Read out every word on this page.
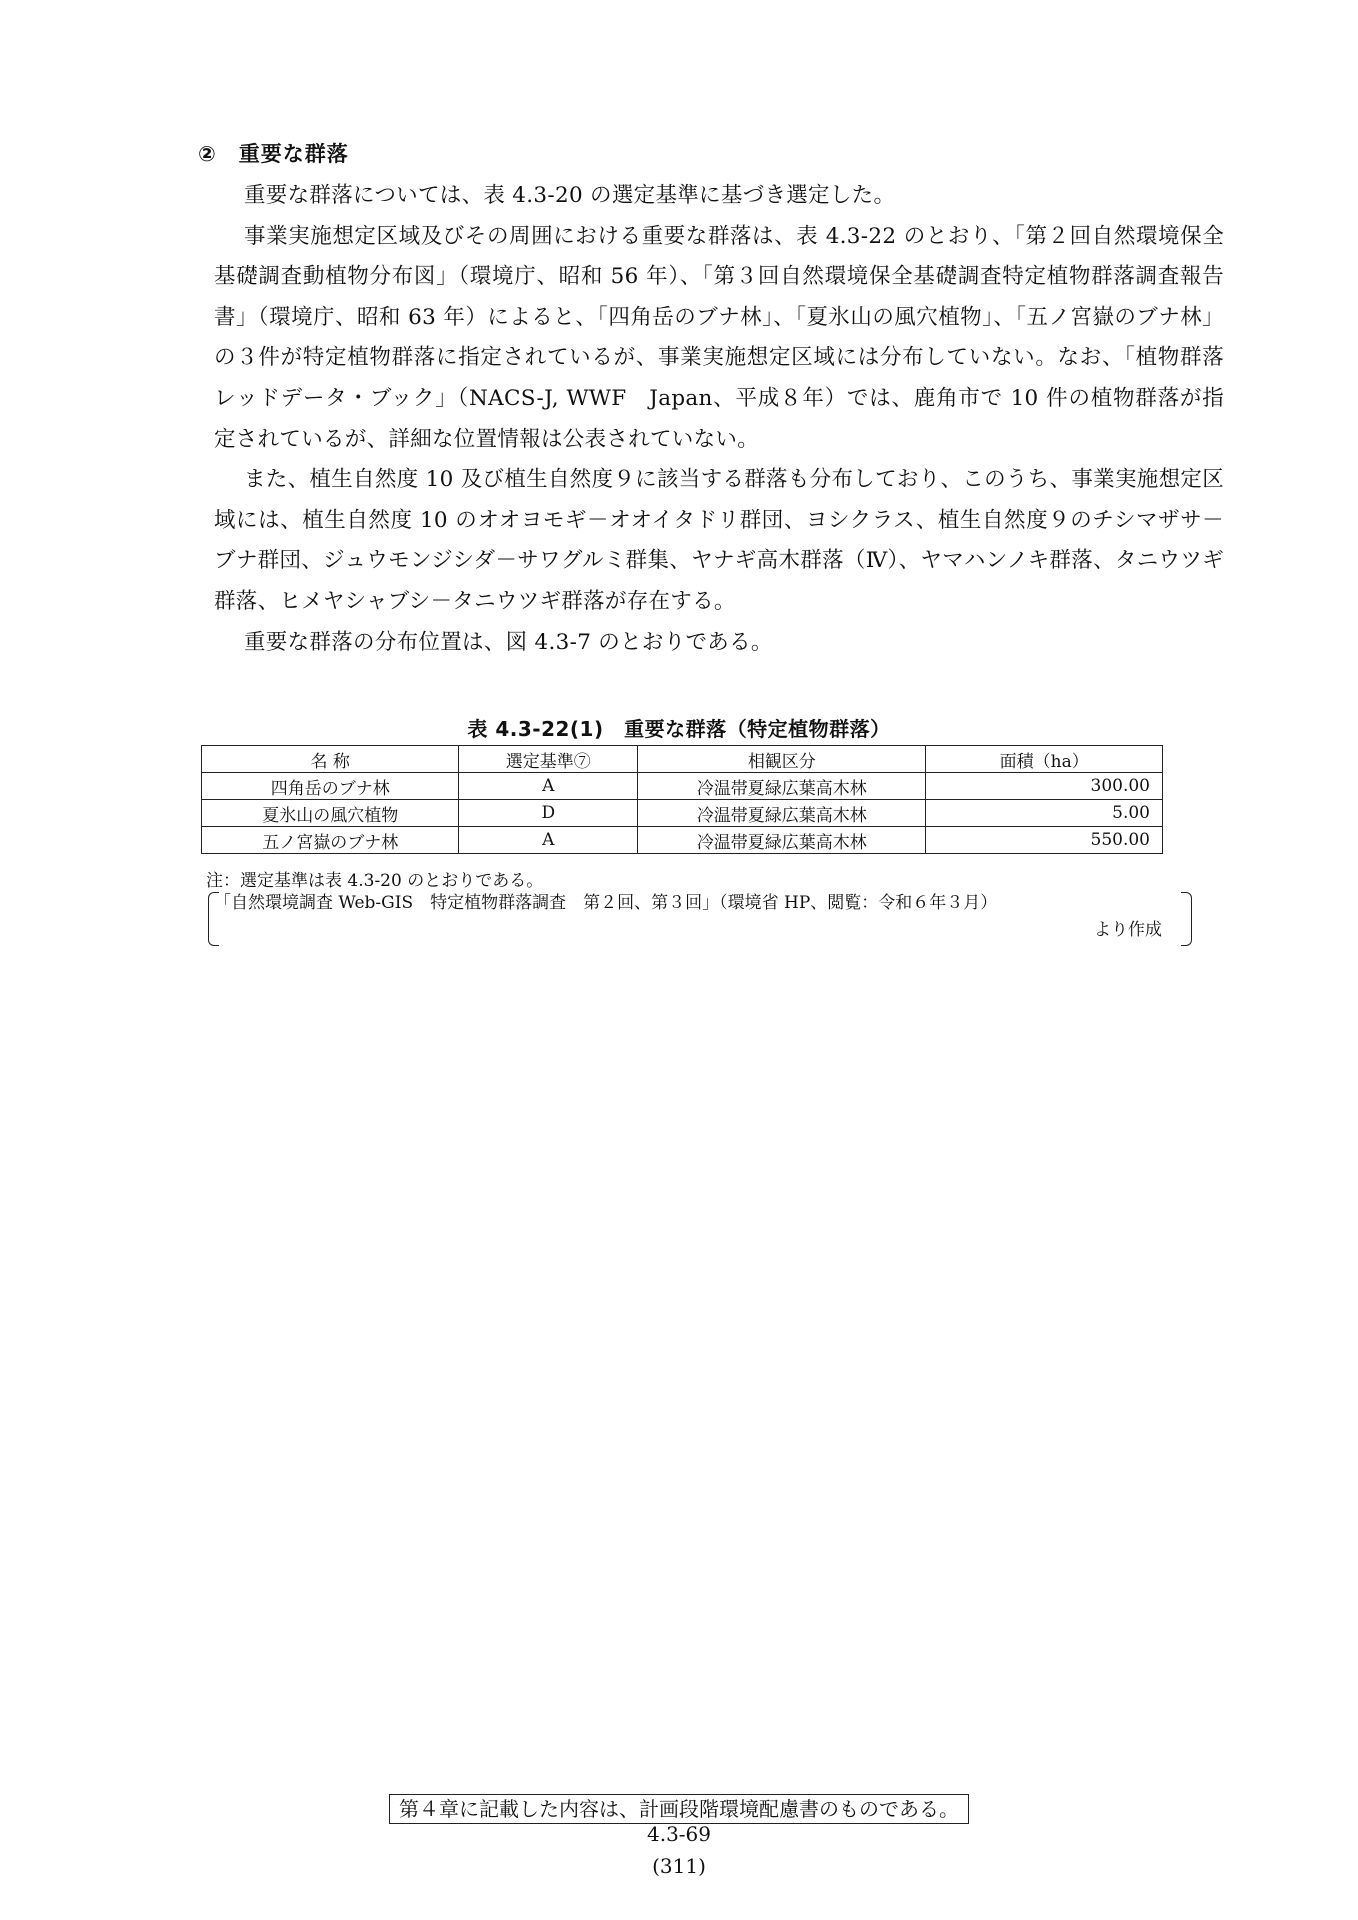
② 重要な群落

重要な群落については、表 4.3-20 の選定基準に基づき選定した。

事業実施想定区域及びその周囲における重要な群落は、表 4.3-22 のとおり、「第２回自然環境保全基礎調査動植物分布図」（環境庁、昭和 56 年）、「第３回自然環境保全基礎調査特定植物群落調査報告書」（環境庁、昭和 63 年）によると、「四角岳のブナ林」、「夏氷山の風穴植物」、「五ノ宮嶽のブナ林」の３件が特定植物群落に指定されているが、事業実施想定区域には分布していない。なお、「植物群落レッドデータ・ブック」（NACS-J, WWF　Japan、平成８年）では、鹿角市で 10 件の植物群落が指定されているが、詳細な位置情報は公表されていない。

また、植生自然度 10 及び植生自然度９に該当する群落も分布しており、このうち、事業実施想定区域には、植生自然度 10 のオオヨモギ－オオイタドリ群団、ヨシクラス、植生自然度９のチシマザサ－ブナ群団、ジュウモンジシダ－サワグルミ群集、ヤナギ高木群落（Ⅳ）、ヤマハンノキ群落、タニウツギ群落、ヒメヤシャブシ－タニウツギ群落が存在する。

重要な群落の分布位置は、図 4.3-7 のとおりである。

表 4.3-22(1)　重要な群落（特定植物群落）
名 称	選定基準⑦	相観区分	面積（ha）
四角岳のブナ林	A	冷温帯夏緑広葉高木林	300.00
夏氷山の風穴植物	D	冷温帯夏緑広葉高木林	5.00
五ノ宮嶽のブナ林	A	冷温帯夏緑広葉高木林	550.00
注：選定基準は表 4.3-20 のとおりである。
「自然環境調査 Web-GIS　特定植物群落調査　第２回、第３回」（環境省 HP、閲覧：令和６年３月）
より作成
第４章に記載した内容は、計画段階環境配慮書のものである。
4.3-69
(311)
